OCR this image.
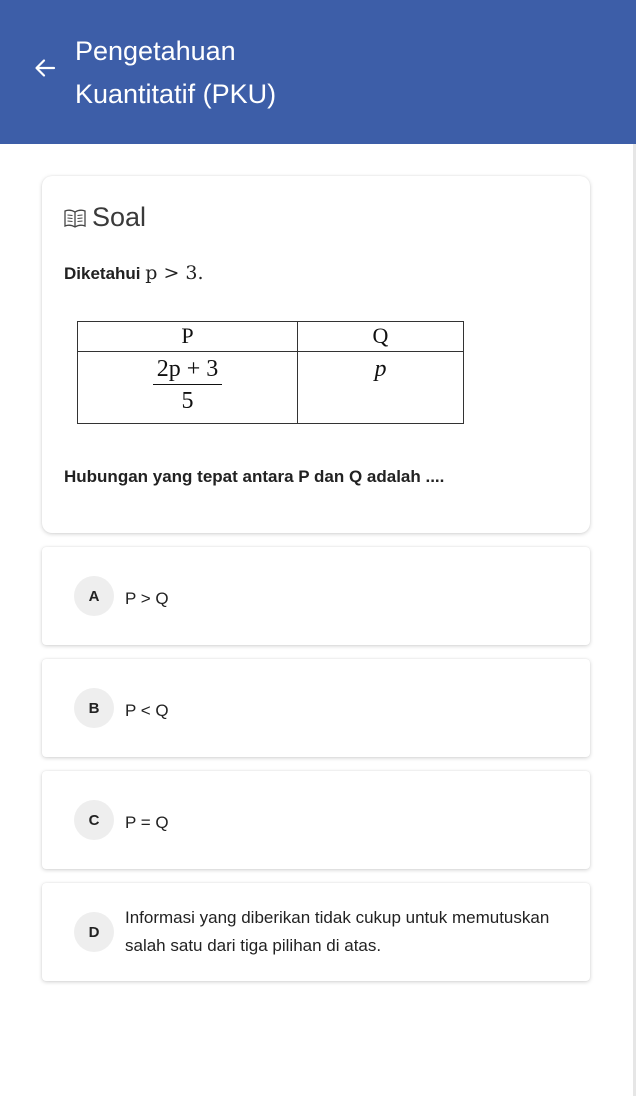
Pengetahuan
Kuantitatif (PKU)
Soal
Diketahui p > 3.
P	Q

$\frac{2p + 3}{5}$	p
Hubungan yang tepat antara P dan Q adalah ....
A	P > Q
B	P < Q
C	P = Q
D
Informasi yang diberikan tidak cukup untuk memutuskan salah satu dari tiga pilihan di atas.
